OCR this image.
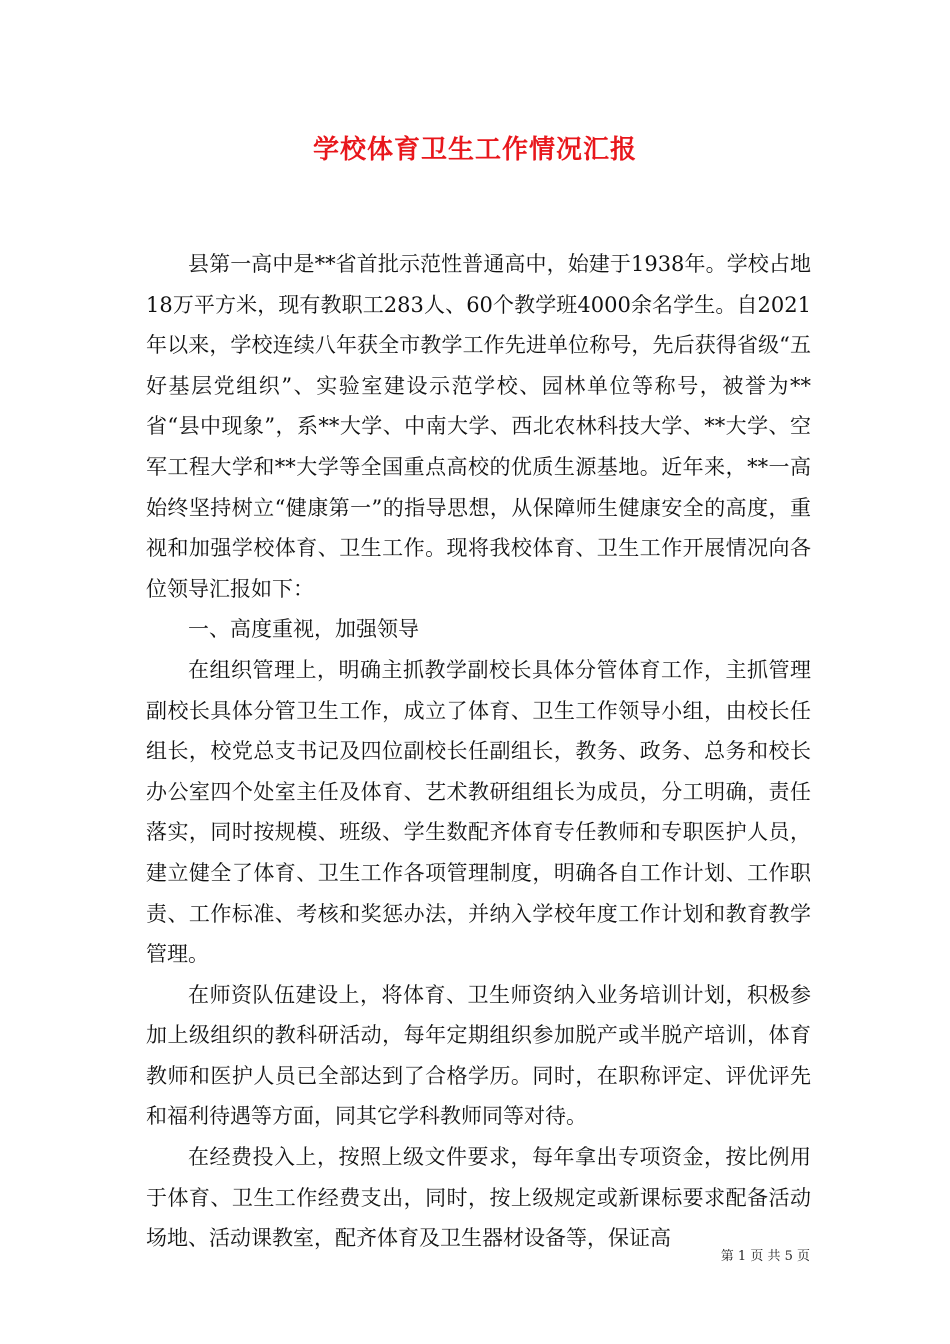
学校体育卫生工作情况汇报

县第一高中是**省首批示范性普通高中，始建于1938年。学校占地18万平方米，现有教职工283人、60个教学班4000余名学生。自2021年以来，学校连续八年获全市教学工作先进单位称号，先后获得省级“五好基层党组织”、实验室建设示范学校、园林单位等称号，被誉为**省“县中现象”，系**大学、中南大学、西北农林科技大学、**大学、空军工程大学和**大学等全国重点高校的优质生源基地。近年来，**一高始终坚持树立“健康第一”的指导思想，从保障师生健康安全的高度，重视和加强学校体育、卫生工作。现将我校体育、卫生工作开展情况向各位领导汇报如下：

一、高度重视，加强领导

在组织管理上，明确主抓教学副校长具体分管体育工作，主抓管理副校长具体分管卫生工作，成立了体育、卫生工作领导小组，由校长任组长，校党总支书记及四位副校长任副组长，教务、政务、总务和校长办公室四个处室主任及体育、艺术教研组组长为成员，分工明确，责任落实，同时按规模、班级、学生数配齐体育专任教师和专职医护人员，建立健全了体育、卫生工作各项管理制度，明确各自工作计划、工作职责、工作标准、考核和奖惩办法，并纳入学校年度工作计划和教育教学管理。

在师资队伍建设上，将体育、卫生师资纳入业务培训计划，积极参加上级组织的教科研活动，每年定期组织参加脱产或半脱产培训，体育教师和医护人员已全部达到了合格学历。同时，在职称评定、评优评先和福利待遇等方面，同其它学科教师同等对待。

在经费投入上，按照上级文件要求，每年拿出专项资金，按比例用于体育、卫生工作经费支出，同时，按上级规定或新课标要求配备活动场地、活动课教室，配齐体育及卫生器材设备等，保证高

第 1 页 共 5 页
